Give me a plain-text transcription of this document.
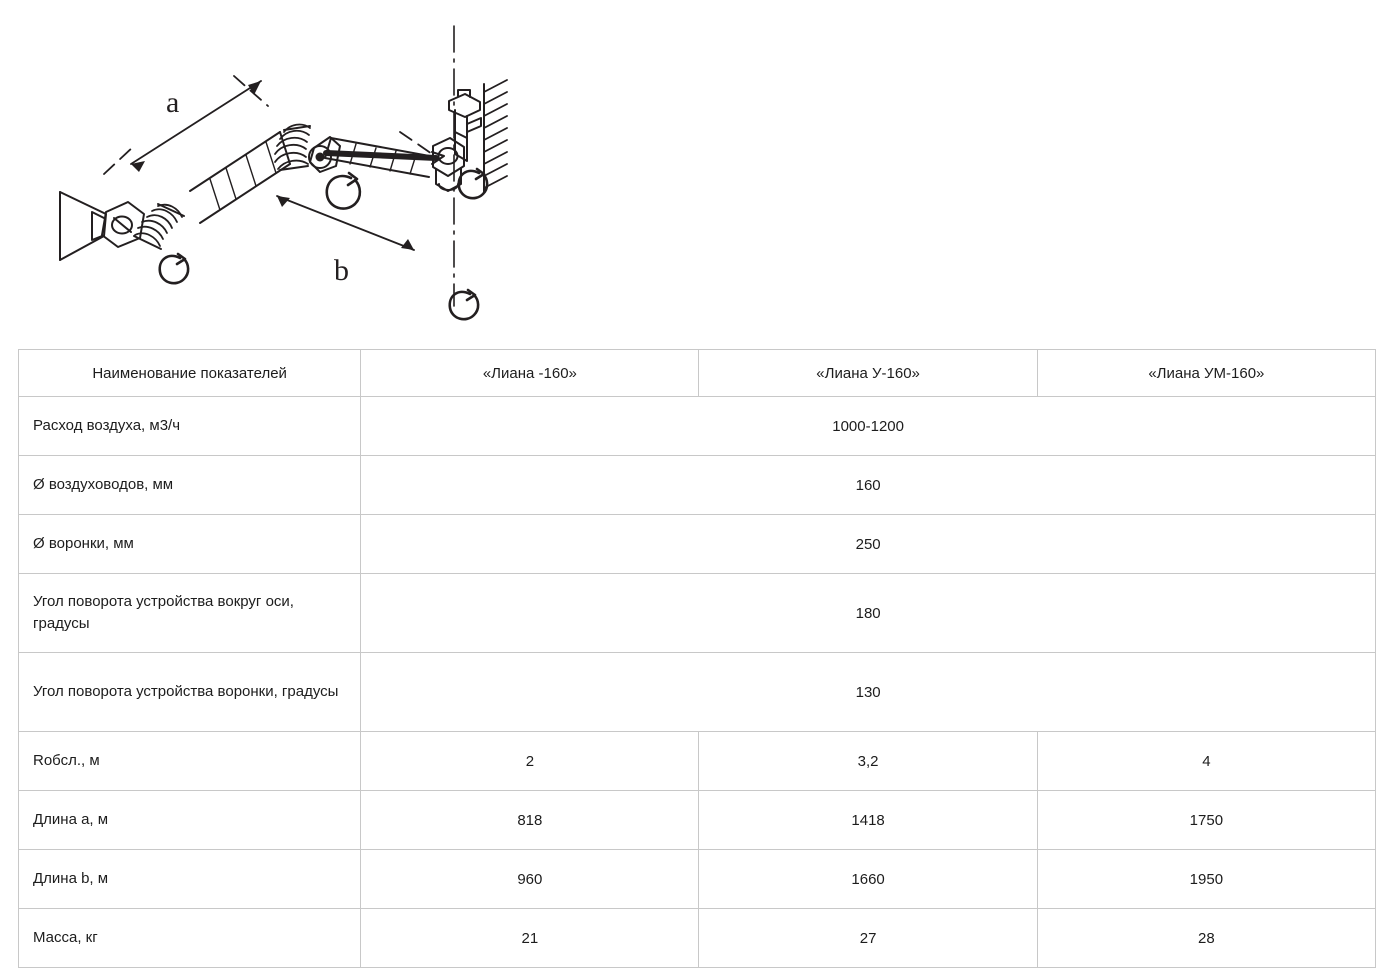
a
b
Наименование показателей	«Лиана -160»	«Лиана У-160»	«Лиана УМ-160»
Расход воздуха, м3/ч	1000-1200		
Ø воздуховодов, мм	160		
Ø воронки, мм	250		
Угол поворота устройства вокруг оси, градусы	180		
Угол поворота устройства воронки, градусы	130		
Rобсл., м	2	3,2	4
Длина a, м	818	1418	1750
Длина b, м	960	1660	1950
Масса, кг	21	27	28
